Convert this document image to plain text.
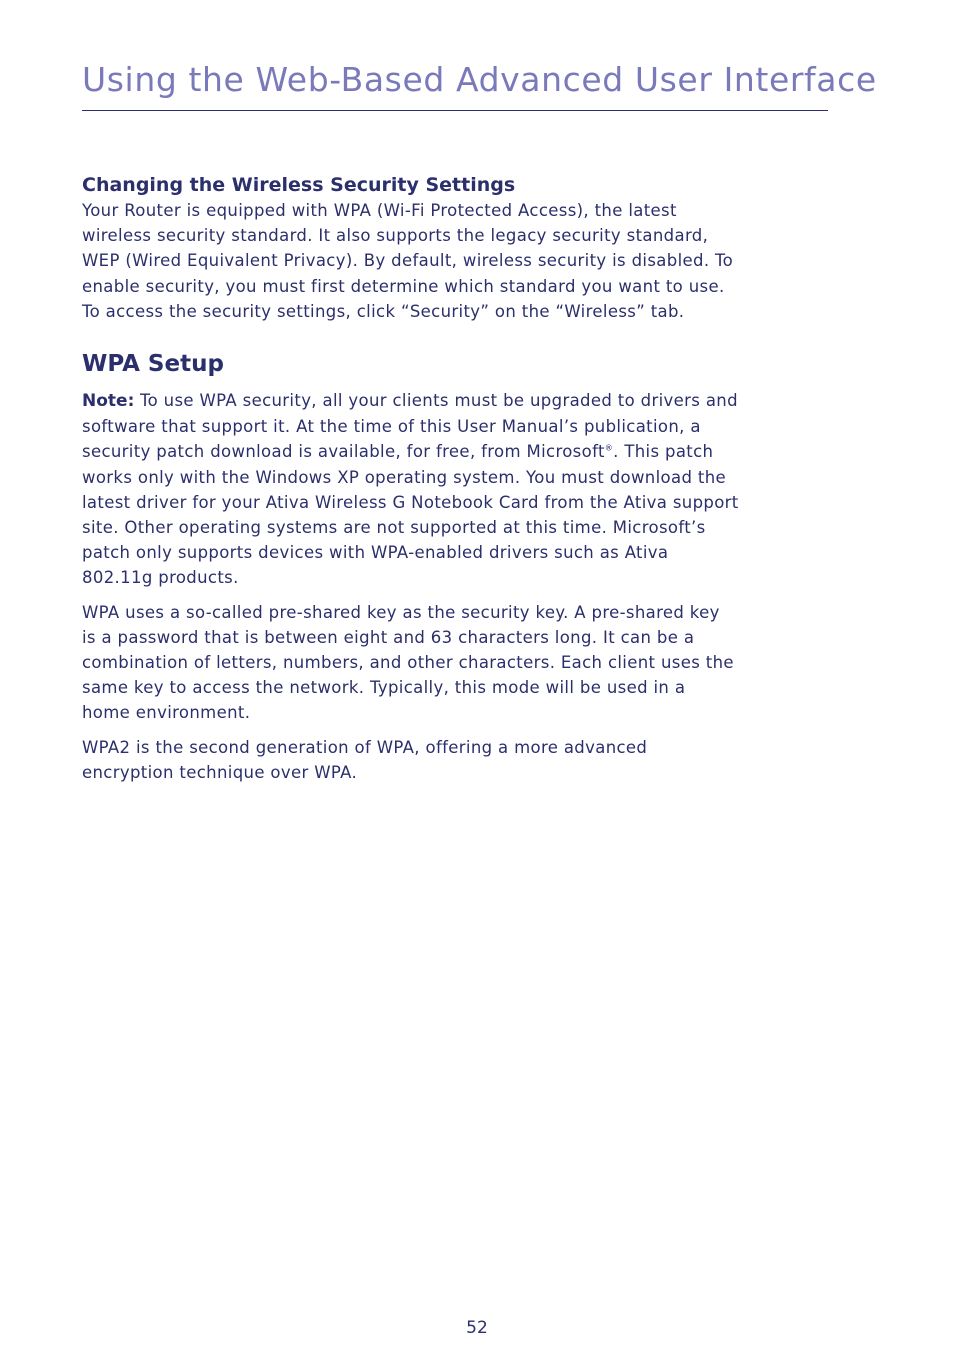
Using the Web-Based Advanced User Interface
Changing the Wireless Security Settings

Your Router is equipped with WPA (Wi-Fi Protected Access), the latest
wireless security standard. It also supports the legacy security standard,
WEP (Wired Equivalent Privacy). By default, wireless security is disabled. To
enable security, you must first determine which standard you want to use.
To access the security settings, click “Security” on the “Wireless” tab.

WPA Setup

Note: To use WPA security, all your clients must be upgraded to drivers and
software that support it. At the time of this User Manual’s publication, a
security patch download is available, for free, from Microsoft®. This patch
works only with the Windows XP operating system. You must download the
latest driver for your Ativa Wireless G Notebook Card from the Ativa support
site. Other operating systems are not supported at this time. Microsoft’s
patch only supports devices with WPA-enabled drivers such as Ativa
802.11g products.

WPA uses a so-called pre-shared key as the security key. A pre-shared key
is a password that is between eight and 63 characters long. It can be a
combination of letters, numbers, and other characters. Each client uses the
same key to access the network. Typically, this mode will be used in a
home environment.

WPA2 is the second generation of WPA, offering a more advanced
encryption technique over WPA.

52
